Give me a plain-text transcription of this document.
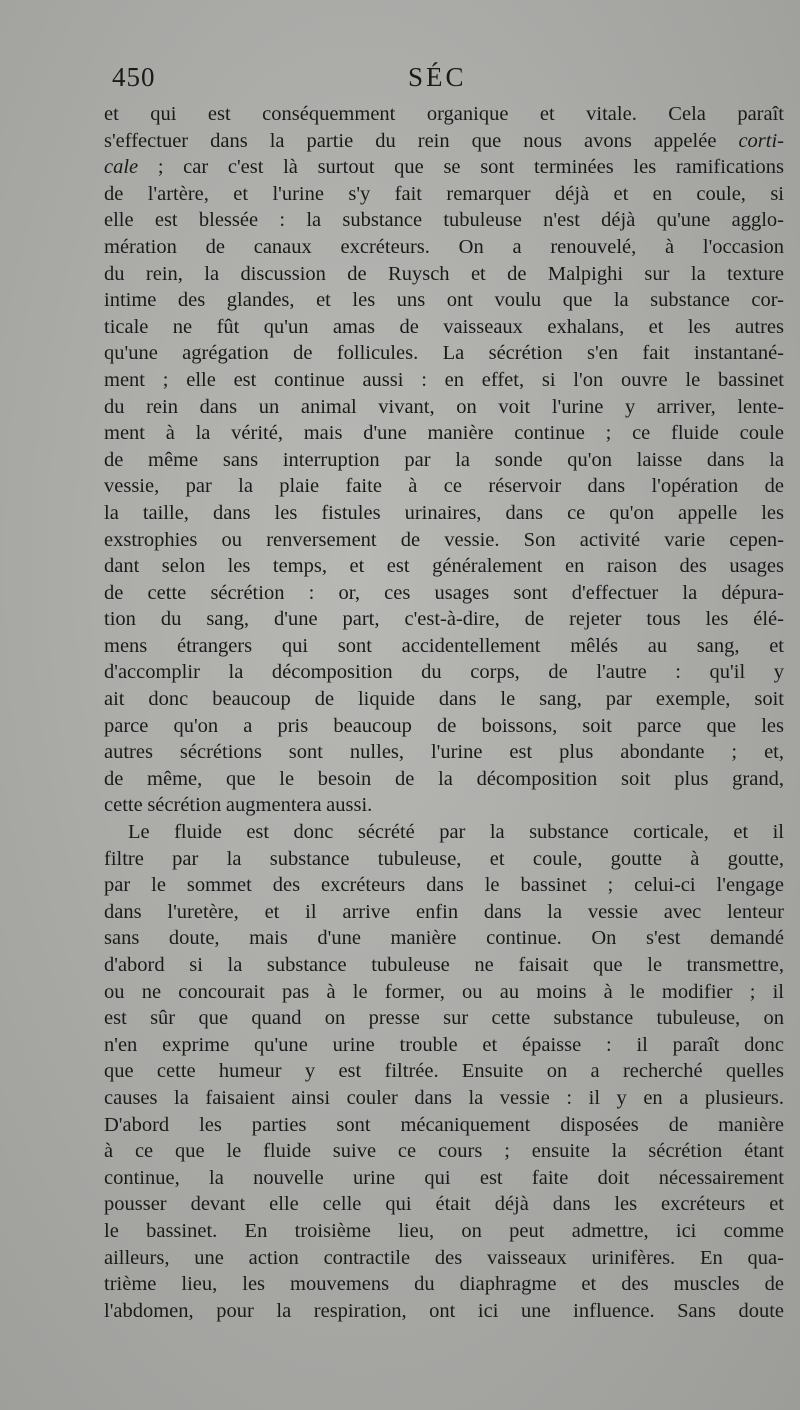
450	SÉC
et qui est conséquemment organique et vitale. Cela paraît
s'effectuer dans la partie du rein que nous avons appelée corti-
cale ; car c'est là surtout que se sont terminées les ramifications
de l'artère, et l'urine s'y fait remarquer déjà et en coule, si
elle est blessée : la substance tubuleuse n'est déjà qu'une agglo-
mération de canaux excréteurs. On a renouvelé, à l'occasion
du rein, la discussion de Ruysch et de Malpighi sur la texture
intime des glandes, et les uns ont voulu que la substance cor-
ticale ne fût qu'un amas de vaisseaux exhalans, et les autres
qu'une agrégation de follicules. La sécrétion s'en fait instantané-
ment ; elle est continue aussi : en effet, si l'on ouvre le bassinet
du rein dans un animal vivant, on voit l'urine y arriver, lente-
ment à la vérité, mais d'une manière continue ; ce fluide coule
de même sans interruption par la sonde qu'on laisse dans la
vessie, par la plaie faite à ce réservoir dans l'opération de
la taille, dans les fistules urinaires, dans ce qu'on appelle les
exstrophies ou renversement de vessie. Son activité varie cepen-
dant selon les temps, et est généralement en raison des usages
de cette sécrétion : or, ces usages sont d'effectuer la dépura-
tion du sang, d'une part, c'est-à-dire, de rejeter tous les élé-
mens étrangers qui sont accidentellement mêlés au sang, et
d'accomplir la décomposition du corps, de l'autre : qu'il y
ait donc beaucoup de liquide dans le sang, par exemple, soit
parce qu'on a pris beaucoup de boissons, soit parce que les
autres sécrétions sont nulles, l'urine est plus abondante ; et,
de même, que le besoin de la décomposition soit plus grand,
cette sécrétion augmentera aussi.
Le fluide est donc sécrété par la substance corticale, et il
filtre par la substance tubuleuse, et coule, goutte à goutte,
par le sommet des excréteurs dans le bassinet ; celui-ci l'engage
dans l'uretère, et il arrive enfin dans la vessie avec lenteur
sans doute, mais d'une manière continue. On s'est demandé
d'abord si la substance tubuleuse ne faisait que le transmettre,
ou ne concourait pas à le former, ou au moins à le modifier ; il
est sûr que quand on presse sur cette substance tubuleuse, on
n'en exprime qu'une urine trouble et épaisse : il paraît donc
que cette humeur y est filtrée. Ensuite on a recherché quelles
causes la faisaient ainsi couler dans la vessie : il y en a plusieurs.
D'abord les parties sont mécaniquement disposées de manière
à ce que le fluide suive ce cours ; ensuite la sécrétion étant
continue, la nouvelle urine qui est faite doit nécessairement
pousser devant elle celle qui était déjà dans les excréteurs et
le bassinet. En troisième lieu, on peut admettre, ici comme
ailleurs, une action contractile des vaisseaux urinifères. En qua-
trième lieu, les mouvemens du diaphragme et des muscles de
l'abdomen, pour la respiration, ont ici une influence. Sans doute
